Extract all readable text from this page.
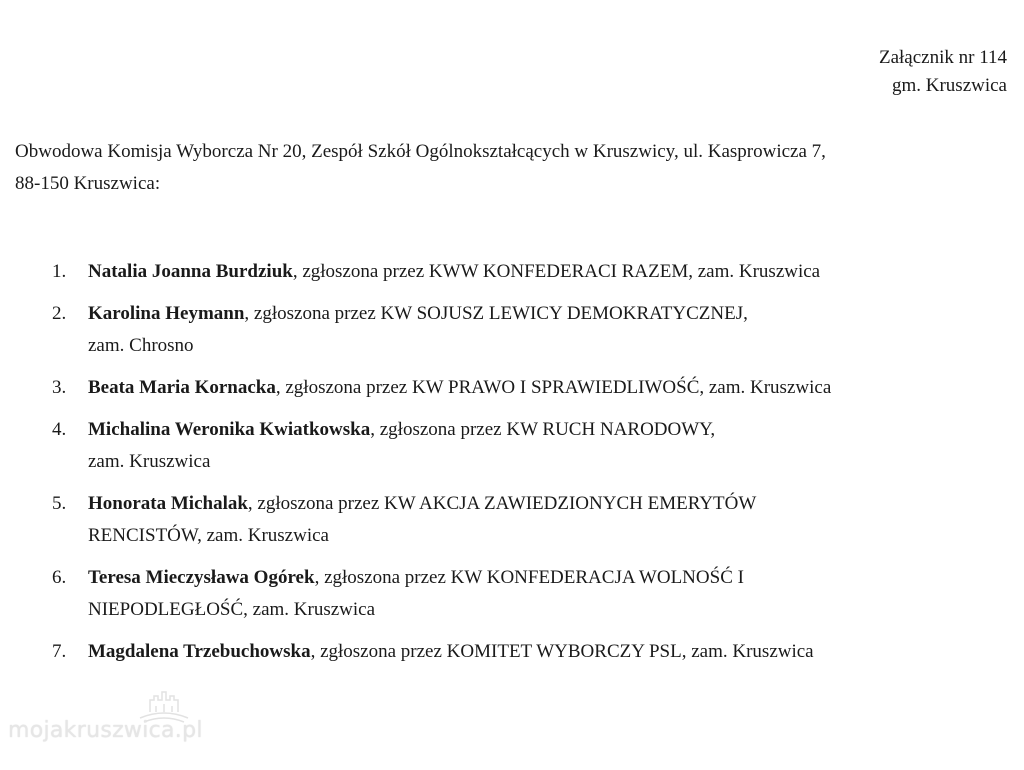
Załącznik nr 114
gm. Kruszwica
Obwodowa Komisja Wyborcza Nr 20, Zespół Szkół Ogólnokształcących w Kruszwicy, ul. Kasprowicza 7,
88-150 Kruszwica:
1. Natalia Joanna Burdziuk, zgłoszona przez KWW KONFEDERACI RAZEM, zam. Kruszwica
2. Karolina Heymann, zgłoszona przez KW SOJUSZ LEWICY DEMOKRATYCZNEJ,
zam. Chrosno
3. Beata Maria Kornacka, zgłoszona przez KW PRAWO I SPRAWIEDLIWOŚĆ, zam. Kruszwica
4. Michalina Weronika Kwiatkowska, zgłoszona przez KW RUCH NARODOWY,
zam. Kruszwica
5. Honorata Michalak, zgłoszona przez KW AKCJA ZAWIEDZIONYCH EMERYTÓW
RENCISTÓW, zam. Kruszwica
6. Teresa Mieczysława Ogórek, zgłoszona przez KW KONFEDERACJA WOLNOŚĆ I
NIEPODLEGŁOŚĆ, zam. Kruszwica
7. Magdalena Trzebuchowska, zgłoszona przez KOMITET WYBORCZY PSL, zam. Kruszwica
mojakruszwica.pl
